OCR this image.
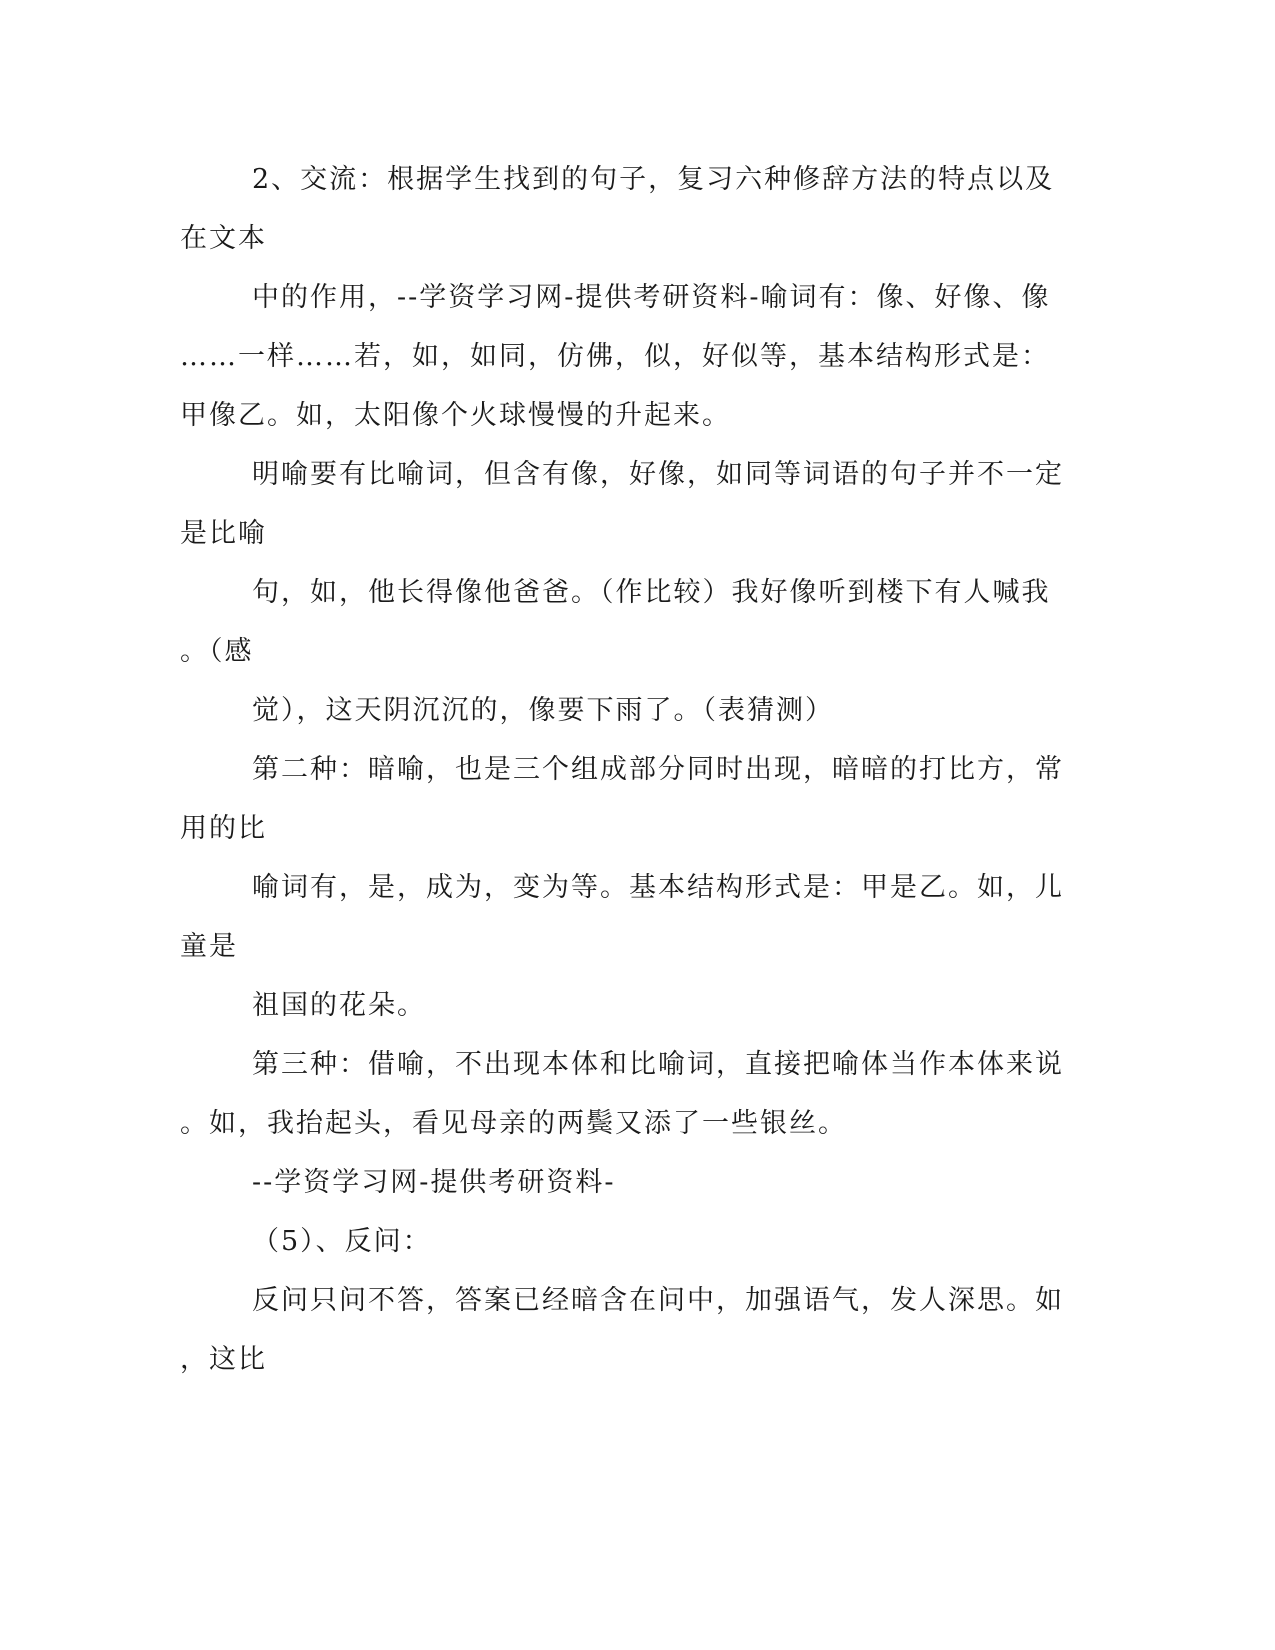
2、交流：根据学生找到的句子，复习六种修辞方法的特点以及

在文本

中的作用，--学资学习网-提供考研资料-喻词有：像、好像、像

……一样……若，如，如同，仿佛，似，好似等，基本结构形式是：

甲像乙。如，太阳像个火球慢慢的升起来。

明喻要有比喻词，但含有像，好像，如同等词语的句子并不一定

是比喻

句，如，他长得像他爸爸。（作比较）我好像听到楼下有人喊我

。（感

觉），这天阴沉沉的，像要下雨了。（表猜测）

第二种：暗喻，也是三个组成部分同时出现，暗暗的打比方，常

用的比

喻词有，是，成为，变为等。基本结构形式是：甲是乙。如，儿

童是

祖国的花朵。

第三种：借喻，不出现本体和比喻词，直接把喻体当作本体来说

。如，我抬起头，看见母亲的两鬓又添了一些银丝。

--学资学习网-提供考研资料-

（5）、反问：

反问只问不答，答案已经暗含在问中，加强语气，发人深思。如

，这比
